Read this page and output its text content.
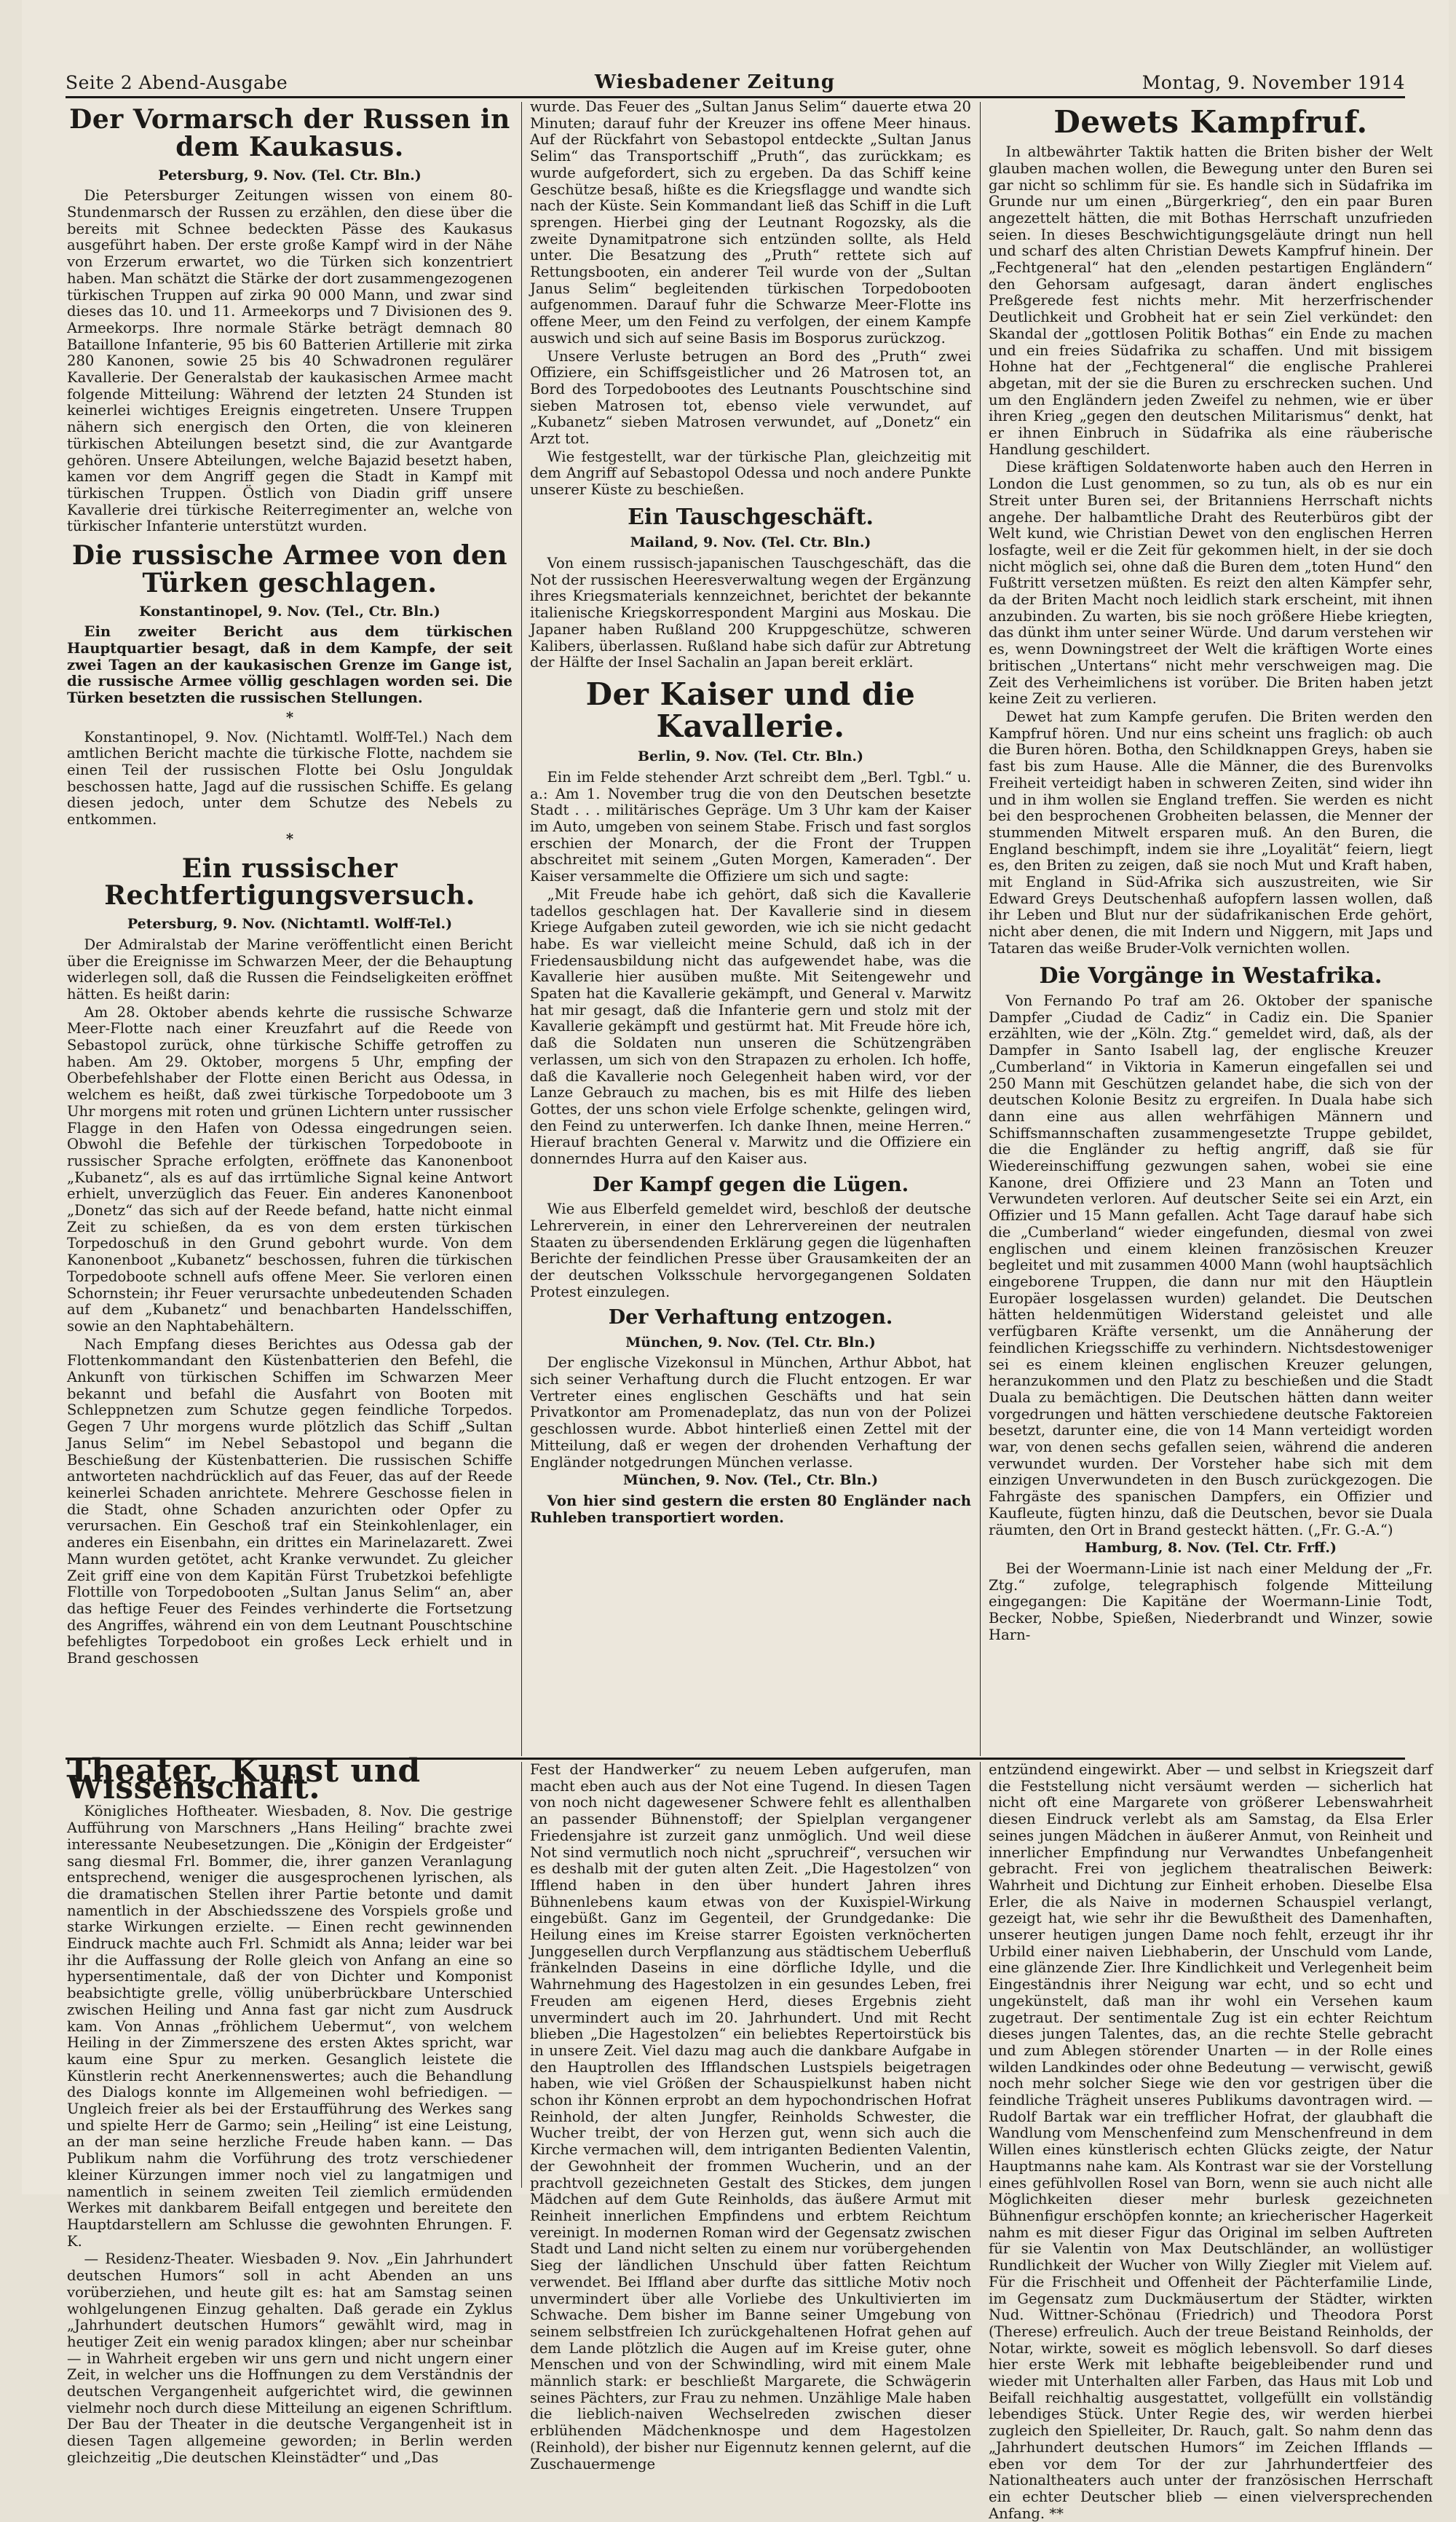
Seite 2 Abend-Ausgabe	Wiesbadener Zeitung	Montag, 9. November 1914
Der Vormarsch der Russen in dem Kaukasus.
Petersburg, 9. Nov. (Tel. Ctr. Bln.)

Die Petersburger Zeitungen wissen von einem 80-Stundenmarsch der Russen zu erzählen, den diese über die bereits mit Schnee bedeckten Pässe des Kaukasus ausgeführt haben. Der erste große Kampf wird in der Nähe von Erzerum erwartet, wo die Türken sich konzentriert haben. Man schätzt die Stärke der dort zusammengezogenen türkischen Truppen auf zirka 90 000 Mann, und zwar sind dieses das 10. und 11. Armeekorps und 7 Divisionen des 9. Armeekorps. Ihre normale Stärke beträgt demnach 80 Bataillone Infanterie, 95 bis 60 Batterien Artillerie mit zirka 280 Kanonen, sowie 25 bis 40 Schwadronen regulärer Kavallerie. Der Generalstab der kaukasischen Armee macht folgende Mitteilung: Während der letzten 24 Stunden ist keinerlei wichtiges Ereignis eingetreten. Unsere Truppen nähern sich energisch den Orten, die von kleineren türkischen Abteilungen besetzt sind, die zur Avantgarde gehören. Unsere Abteilungen, welche Bajazid besetzt haben, kamen vor dem Angriff gegen die Stadt in Kampf mit türkischen Truppen. Östlich von Diadin griff unsere Kavallerie drei türkische Reiterregimenter an, welche von türkischer Infanterie unterstützt wurden.

Die russische Armee von den Türken geschlagen.
Konstantinopel, 9. Nov. (Tel., Ctr. Bln.)

Ein zweiter Bericht aus dem türkischen Hauptquartier besagt, daß in dem Kampfe, der seit zwei Tagen an der kaukasischen Grenze im Gange ist, die russische Armee völlig geschlagen worden sei. Die Türken besetzten die russischen Stellungen.

*

Konstantinopel, 9. Nov. (Nichtamtl. Wolff-Tel.) Nach dem amtlichen Bericht machte die türkische Flotte, nachdem sie einen Teil der russischen Flotte bei Oslu Jonguldak beschossen hatte, Jagd auf die russischen Schiffe. Es gelang diesen jedoch, unter dem Schutze des Nebels zu entkommen.

*

Ein russischer Rechtfertigungsversuch.
Petersburg, 9. Nov. (Nichtamtl. Wolff-Tel.)

Der Admiralstab der Marine veröffentlicht einen Bericht über die Ereignisse im Schwarzen Meer, der die Behauptung widerlegen soll, daß die Russen die Feindseligkeiten eröffnet hätten. Es heißt darin:

Am 28. Oktober abends kehrte die russische Schwarze Meer-Flotte nach einer Kreuzfahrt auf die Reede von Sebastopol zurück, ohne türkische Schiffe getroffen zu haben. Am 29. Oktober, morgens 5 Uhr, empfing der Oberbefehlshaber der Flotte einen Bericht aus Odessa, in welchem es heißt, daß zwei türkische Torpedoboote um 3 Uhr morgens mit roten und grünen Lichtern unter russischer Flagge in den Hafen von Odessa eingedrungen seien. Obwohl die Befehle der türkischen Torpedoboote in russischer Sprache erfolgten, eröffnete das Kanonenboot „Kubanetz“, als es auf das irrtümliche Signal keine Antwort erhielt, unverzüglich das Feuer. Ein anderes Kanonenboot „Donetz“ das sich auf der Reede befand, hatte nicht einmal Zeit zu schießen, da es von dem ersten türkischen Torpedoschuß in den Grund gebohrt wurde. Von dem Kanonenboot „Kubanetz“ beschossen, fuhren die türkischen Torpedoboote schnell aufs offene Meer. Sie verloren einen Schornstein; ihr Feuer verursachte unbedeutenden Schaden auf dem „Kubanetz“ und benachbarten Handelsschiffen, sowie an den Naphtabehältern.

Nach Empfang dieses Berichtes aus Odessa gab der Flottenkommandant den Küstenbatterien den Befehl, die Ankunft von türkischen Schiffen im Schwarzen Meer bekannt und befahl die Ausfahrt von Booten mit Schleppnetzen zum Schutze gegen feindliche Torpedos. Gegen 7 Uhr morgens wurde plötzlich das Schiff „Sultan Janus Selim“ im Nebel Sebastopol und begann die Beschießung der Küstenbatterien. Die russischen Schiffe antworteten nachdrücklich auf das Feuer, das auf der Reede keinerlei Schaden anrichtete. Mehrere Geschosse fielen in die Stadt, ohne Schaden anzurichten oder Opfer zu verursachen. Ein Geschoß traf ein Steinkohlenlager, ein anderes ein Eisenbahn, ein drittes ein Marinelazarett. Zwei Mann wurden getötet, acht Kranke verwundet. Zu gleicher Zeit griff eine von dem Kapitän Fürst Trubetzkoi befehligte Flottille von Torpedobooten „Sultan Janus Selim“ an, aber das heftige Feuer des Feindes verhinderte die Fortsetzung des Angriffes, während ein von dem Leutnant Pouschtschine befehligtes Torpedoboot ein großes Leck erhielt und in Brand geschossen

wurde. Das Feuer des „Sultan Janus Selim“ dauerte etwa 20 Minuten; darauf fuhr der Kreuzer ins offene Meer hinaus. Auf der Rückfahrt von Sebastopol entdeckte „Sultan Janus Selim“ das Transportschiff „Pruth“, das zurückkam; es wurde aufgefordert, sich zu ergeben. Da das Schiff keine Geschütze besaß, hißte es die Kriegsflagge und wandte sich nach der Küste. Sein Kommandant ließ das Schiff in die Luft sprengen. Hierbei ging der Leutnant Rogozsky, als die zweite Dynamitpatrone sich entzünden sollte, als Held unter. Die Besatzung des „Pruth“ rettete sich auf Rettungsbooten, ein anderer Teil wurde von der „Sultan Janus Selim“ begleitenden türkischen Torpedobooten aufgenommen. Darauf fuhr die Schwarze Meer-Flotte ins offene Meer, um den Feind zu verfolgen, der einem Kampfe auswich und sich auf seine Basis im Bosporus zurückzog.

Unsere Verluste betrugen an Bord des „Pruth“ zwei Offiziere, ein Schiffsgeistlicher und 26 Matrosen tot, an Bord des Torpedobootes des Leutnants Pouschtschine sind sieben Matrosen tot, ebenso viele verwundet, auf „Kubanetz“ sieben Matrosen verwundet, auf „Donetz“ ein Arzt tot.

Wie festgestellt, war der türkische Plan, gleichzeitig mit dem Angriff auf Sebastopol Odessa und noch andere Punkte unserer Küste zu beschießen.

Ein Tauschgeschäft.
Mailand, 9. Nov. (Tel. Ctr. Bln.)

Von einem russisch-japanischen Tauschgeschäft, das die Not der russischen Heeresverwaltung wegen der Ergänzung ihres Kriegsmaterials kennzeichnet, berichtet der bekannte italienische Kriegskorrespondent Margini aus Moskau. Die Japaner haben Rußland 200 Kruppgeschütze, schweren Kalibers, überlassen. Rußland habe sich dafür zur Abtretung der Hälfte der Insel Sachalin an Japan bereit erklärt.

Der Kaiser und die Kavallerie.
Berlin, 9. Nov. (Tel. Ctr. Bln.)

Ein im Felde stehender Arzt schreibt dem „Berl. Tgbl.“ u. a.: Am 1. November trug die von den Deutschen besetzte Stadt . . . militärisches Gepräge. Um 3 Uhr kam der Kaiser im Auto, umgeben von seinem Stabe. Frisch und fast sorglos erschien der Monarch, der die Front der Truppen abschreitet mit seinem „Guten Morgen, Kameraden“. Der Kaiser versammelte die Offiziere um sich und sagte:

„Mit Freude habe ich gehört, daß sich die Kavallerie tadellos geschlagen hat. Der Kavallerie sind in diesem Kriege Aufgaben zuteil geworden, wie ich sie nicht gedacht habe. Es war vielleicht meine Schuld, daß ich in der Friedensausbildung nicht das aufgewendet habe, was die Kavallerie hier ausüben mußte. Mit Seitengewehr und Spaten hat die Kavallerie gekämpft, und General v. Marwitz hat mir gesagt, daß die Infanterie gern und stolz mit der Kavallerie gekämpft und gestürmt hat. Mit Freude höre ich, daß die Soldaten nun unseren die Schützengräben verlassen, um sich von den Strapazen zu erholen. Ich hoffe, daß die Kavallerie noch Gelegenheit haben wird, vor der Lanze Gebrauch zu machen, bis es mit Hilfe des lieben Gottes, der uns schon viele Erfolge schenkte, gelingen wird, den Feind zu unterwerfen. Ich danke Ihnen, meine Herren.“ Hierauf brachten General v. Marwitz und die Offiziere ein donnerndes Hurra auf den Kaiser aus.

Der Kampf gegen die Lügen.

Wie aus Elberfeld gemeldet wird, beschloß der deutsche Lehrerverein, in einer den Lehrervereinen der neutralen Staaten zu übersendenden Erklärung gegen die lügenhaften Berichte der feindlichen Presse über Grausamkeiten der an der deutschen Volksschule hervorgegangenen Soldaten Protest einzulegen.

Der Verhaftung entzogen.
München, 9. Nov. (Tel. Ctr. Bln.)

Der englische Vizekonsul in München, Arthur Abbot, hat sich seiner Verhaftung durch die Flucht entzogen. Er war Vertreter eines englischen Geschäfts und hat sein Privatkontor am Promenadeplatz, das nun von der Polizei geschlossen wurde. Abbot hinterließ einen Zettel mit der Mitteilung, daß er wegen der drohenden Verhaftung der Engländer notgedrungen München verlasse.

München, 9. Nov. (Tel., Ctr. Bln.)

Von hier sind gestern die ersten 80 Engländer nach Ruhleben transportiert worden.

Dewets Kampfruf.

In altbewährter Taktik hatten die Briten bisher der Welt glauben machen wollen, die Bewegung unter den Buren sei gar nicht so schlimm für sie. Es handle sich in Südafrika im Grunde nur um einen „Bürgerkrieg“, den ein paar Buren angezettelt hätten, die mit Bothas Herrschaft unzufrieden seien. In dieses Beschwichtigungsgeläute dringt nun hell und scharf des alten Christian Dewets Kampfruf hinein. Der „Fechtgeneral“ hat den „elenden pestartigen Engländern“ den Gehorsam aufgesagt, daran ändert englisches Preßgerede fest nichts mehr. Mit herzerfrischender Deutlichkeit und Grobheit hat er sein Ziel verkündet: den Skandal der „gottlosen Politik Bothas“ ein Ende zu machen und ein freies Südafrika zu schaffen. Und mit bissigem Hohne hat der „Fechtgeneral“ die englische Prahlerei abgetan, mit der sie die Buren zu erschrecken suchen. Und um den Engländern jeden Zweifel zu nehmen, wie er über ihren Krieg „gegen den deutschen Militarismus“ denkt, hat er ihnen Einbruch in Südafrika als eine räuberische Handlung geschildert.

Diese kräftigen Soldatenworte haben auch den Herren in London die Lust genommen, so zu tun, als ob es nur ein Streit unter Buren sei, der Britanniens Herrschaft nichts angehe. Der halbamtliche Draht des Reuterbüros gibt der Welt kund, wie Christian Dewet von den englischen Herren losfagte, weil er die Zeit für gekommen hielt, in der sie doch nicht möglich sei, ohne daß die Buren dem „toten Hund“ den Fußtritt versetzen müßten. Es reizt den alten Kämpfer sehr, da der Briten Macht noch leidlich stark erscheint, mit ihnen anzubinden. Zu warten, bis sie noch größere Hiebe kriegten, das dünkt ihm unter seiner Würde. Und darum verstehen wir es, wenn Downingstreet der Welt die kräftigen Worte eines britischen „Untertans“ nicht mehr verschweigen mag. Die Zeit des Verheimlichens ist vorüber. Die Briten haben jetzt keine Zeit zu verlieren.

Dewet hat zum Kampfe gerufen. Die Briten werden den Kampfruf hören. Und nur eins scheint uns fraglich: ob auch die Buren hören. Botha, den Schildknappen Greys, haben sie fast bis zum Hause. Alle die Männer, die des Burenvolks Freiheit verteidigt haben in schweren Zeiten, sind wider ihn und in ihm wollen sie England treffen. Sie werden es nicht bei den besprochenen Grobheiten belassen, die Menner der stummenden Mitwelt ersparen muß. An den Buren, die England beschimpft, indem sie ihre „Loyalität“ feiern, liegt es, den Briten zu zeigen, daß sie noch Mut und Kraft haben, mit England in Süd-Afrika sich auszustreiten, wie Sir Edward Greys Deutschenhaß aufopfern lassen wollen, daß ihr Leben und Blut nur der südafrikanischen Erde gehört, nicht aber denen, die mit Indern und Niggern, mit Japs und Tataren das weiße Bruder-Volk vernichten wollen.

Die Vorgänge in Westafrika.

Von Fernando Po traf am 26. Oktober der spanische Dampfer „Ciudad de Cadiz“ in Cadiz ein. Die Spanier erzählten, wie der „Köln. Ztg.“ gemeldet wird, daß, als der Dampfer in Santo Isabell lag, der englische Kreuzer „Cumberland“ in Viktoria in Kamerun eingefallen sei und 250 Mann mit Geschützen gelandet habe, die sich von der deutschen Kolonie Besitz zu ergreifen. In Duala habe sich dann eine aus allen wehrfähigen Männern und Schiffsmannschaften zusammengesetzte Truppe gebildet, die die Engländer zu heftig angriff, daß sie für Wiedereinschiffung gezwungen sahen, wobei sie eine Kanone, drei Offiziere und 23 Mann an Toten und Verwundeten verloren. Auf deutscher Seite sei ein Arzt, ein Offizier und 15 Mann gefallen. Acht Tage darauf habe sich die „Cumberland“ wieder eingefunden, diesmal von zwei englischen und einem kleinen französischen Kreuzer begleitet und mit zusammen 4000 Mann (wohl hauptsächlich eingeborene Truppen, die dann nur mit den Häuptlein Europäer losgelassen wurden) gelandet. Die Deutschen hätten heldenmütigen Widerstand geleistet und alle verfügbaren Kräfte versenkt, um die Annäherung der feindlichen Kriegsschiffe zu verhindern. Nichtsdestoweniger sei es einem kleinen englischen Kreuzer gelungen, heranzukommen und den Platz zu beschießen und die Stadt Duala zu bemächtigen. Die Deutschen hätten dann weiter vorgedrungen und hätten verschiedene deutsche Faktoreien besetzt, darunter eine, die von 14 Mann verteidigt worden war, von denen sechs gefallen seien, während die anderen verwundet wurden. Der Vorsteher habe sich mit dem einzigen Unverwundeten in den Busch zurückgezogen. Die Fahrgäste des spanischen Dampfers, ein Offizier und Kaufleute, fügten hinzu, daß die Deutschen, bevor sie Duala räumten, den Ort in Brand gesteckt hätten. („Fr. G.-A.“)

Hamburg, 8. Nov. (Tel. Ctr. Frff.)

Bei der Woermann-Linie ist nach einer Meldung der „Fr. Ztg.“ zufolge, telegraphisch folgende Mitteilung eingegangen: Die Kapitäne der Woermann-Linie Todt, Becker, Nobbe, Spießen, Niederbrandt und Winzer, sowie Harn-

Theater, Kunst und Wissenschaft.

Königliches Hoftheater. Wiesbaden, 8. Nov. Die gestrige Aufführung von Marschners „Hans Heiling“ brachte zwei interessante Neubesetzungen. Die „Königin der Erdgeister“ sang diesmal Frl. Bommer, die, ihrer ganzen Veranlagung entsprechend, weniger die ausgesprochenen lyrischen, als die dramatischen Stellen ihrer Partie betonte und damit namentlich in der Abschiedsszene des Vorspiels große und starke Wirkungen erzielte. — Einen recht gewinnenden Eindruck machte auch Frl. Schmidt als Anna; leider war bei ihr die Auffassung der Rolle gleich von Anfang an eine so hypersentimentale, daß der von Dichter und Komponist beabsichtigte grelle, völlig unüberbrückbare Unterschied zwischen Heiling und Anna fast gar nicht zum Ausdruck kam. Von Annas „fröhlichem Uebermut“, von welchem Heiling in der Zimmerszene des ersten Aktes spricht, war kaum eine Spur zu merken. Gesanglich leistete die Künstlerin recht Anerkennenswertes; auch die Behandlung des Dialogs konnte im Allgemeinen wohl befriedigen. — Ungleich freier als bei der Erstaufführung des Werkes sang und spielte Herr de Garmo; sein „Heiling“ ist eine Leistung, an der man seine herzliche Freude haben kann. — Das Publikum nahm die Vorführung des trotz verschiedener kleiner Kürzungen immer noch viel zu langatmigen und namentlich in seinem zweiten Teil ziemlich ermüdenden Werkes mit dankbarem Beifall entgegen und bereitete den Hauptdarstellern am Schlusse die gewohnten Ehrungen. F. K.

— Residenz-Theater. Wiesbaden 9. Nov. „Ein Jahrhundert deutschen Humors“ soll in acht Abenden an uns vorüberziehen, und heute gilt es: hat am Samstag seinen wohlgelungenen Einzug gehalten. Daß gerade ein Zyklus „Jahrhundert deutschen Humors“ gewählt wird, mag in heutiger Zeit ein wenig paradox klingen; aber nur scheinbar — in Wahrheit ergeben wir uns gern und nicht ungern einer Zeit, in welcher uns die Hoffnungen zu dem Verständnis der deutschen Vergangenheit aufgerichtet wird, die gewinnen vielmehr noch durch diese Mitteilung an eigenen Schriftlum. Der Bau der Theater in die deutsche Vergangenheit ist in diesen Tagen allgemeine geworden; in Berlin werden gleichzeitig „Die deutschen Kleinstädter“ und „Das

Fest der Handwerker“ zu neuem Leben aufgerufen, man macht eben auch aus der Not eine Tugend. In diesen Tagen von noch nicht dagewesener Schwere fehlt es allenthalben an passender Bühnenstoff; der Spielplan vergangener Friedensjahre ist zurzeit ganz unmöglich. Und weil diese Not sind vermutlich noch nicht „spruchreif“, versuchen wir es deshalb mit der guten alten Zeit. „Die Hagestolzen“ von Ifflend haben in den über hundert Jahren ihres Bühnenlebens kaum etwas von der Kuxispiel-Wirkung eingebüßt. Ganz im Gegenteil, der Grundgedanke: Die Heilung eines im Kreise starrer Egoisten verknöcherten Junggesellen durch Verpflanzung aus städtischem Ueberfluß fränkelnden Daseins in eine dörfliche Idylle, und die Wahrnehmung des Hagestolzen in ein gesundes Leben, frei Freuden am eigenen Herd, dieses Ergebnis zieht unvermindert auch im 20. Jahrhundert. Und mit Recht blieben „Die Hagestolzen“ ein beliebtes Repertoirstück bis in unsere Zeit. Viel dazu mag auch die dankbare Aufgabe in den Hauptrollen des Ifflandschen Lustspiels beigetragen haben, wie viel Größen der Schauspielkunst haben nicht schon ihr Können erprobt an dem hypochondrischen Hofrat Reinhold, der alten Jungfer, Reinholds Schwester, die Wucher treibt, der von Herzen gut, wenn sich auch die Kirche vermachen will, dem intriganten Bedienten Valentin, der Gewohnheit der frommen Wucherin, und an der prachtvoll gezeichneten Gestalt des Stickes, dem jungen Mädchen auf dem Gute Reinholds, das äußere Armut mit Reinheit innerlichen Empfindens und erbtem Reichtum vereinigt. In modernen Roman wird der Gegensatz zwischen Stadt und Land nicht selten zu einem nur vorübergehenden Sieg der ländlichen Unschuld über fatten Reichtum verwendet. Bei Iffland aber durfte das sittliche Motiv noch unvermindert über alle Vorliebe des Unkultivierten im Schwache. Dem bisher im Banne seiner Umgebung von seinem selbstfreien Ich zurückgehaltenen Hofrat gehen auf dem Lande plötzlich die Augen auf im Kreise guter, ohne Menschen und von der Schwindling, wird mit einem Male männlich stark: er beschließt Margarete, die Schwägerin seines Pächters, zur Frau zu nehmen. Unzählige Male haben die lieblich-naiven Wechselreden zwischen dieser erblühenden Mädchenknospe und dem Hagestolzen (Reinhold), der bisher nur Eigennutz kennen gelernt, auf die Zuschauermenge

entzündend eingewirkt. Aber — und selbst in Kriegszeit darf die Feststellung nicht versäumt werden — sicherlich hat nicht oft eine Margarete von größerer Lebenswahrheit diesen Eindruck verlebt als am Samstag, da Elsa Erler seines jungen Mädchen in äußerer Anmut, von Reinheit und innerlicher Empfindung nur Verwandtes Unbefangenheit gebracht. Frei von jeglichem theatralischen Beiwerk: Wahrheit und Dichtung zur Einheit erhoben. Dieselbe Elsa Erler, die als Naive in modernen Schauspiel verlangt, gezeigt hat, wie sehr ihr die Bewußtheit des Damenhaften, unserer heutigen jungen Dame noch fehlt, erzeugt ihr ihr Urbild einer naiven Liebhaberin, der Unschuld vom Lande, eine glänzende Zier. Ihre Kindlichkeit und Verlegenheit beim Eingeständnis ihrer Neigung war echt, und so echt und ungekünstelt, daß man ihr wohl ein Versehen kaum zugetraut. Der sentimentale Zug ist ein echter Reichtum dieses jungen Talentes, das, an die rechte Stelle gebracht und zum Ablegen störender Unarten — in der Rolle eines wilden Landkindes oder ohne Bedeutung — verwischt, gewiß noch mehr solcher Siege wie den vor gestrigen über die feindliche Trägheit unseres Publikums davontragen wird. — Rudolf Bartak war ein trefflicher Hofrat, der glaubhaft die Wandlung vom Menschenfeind zum Menschenfreund in dem Willen eines künstlerisch echten Glücks zeigte, der Natur Hauptmanns nahe kam. Als Kontrast war sie der Vorstellung eines gefühlvollen Rosel van Born, wenn sie auch nicht alle Möglichkeiten dieser mehr burlesk gezeichneten Bühnenfigur erschöpfen konnte; an kriecherischer Hagerkeit nahm es mit dieser Figur das Original im selben Auftreten für sie Valentin von Max Deutschländer, an wollüstiger Rundlichkeit der Wucher von Willy Ziegler mit Vielem auf. Für die Frischheit und Offenheit der Pächterfamilie Linde, im Gegensatz zum Duckmäusertum der Städter, wirkten Nud. Wittner-Schönau (Friedrich) und Theodora Porst (Therese) erfreulich. Auch der treue Beistand Reinholds, der Notar, wirkte, soweit es möglich lebensvoll. So darf dieses hier erste Werk mit lebhafte beigebleibender rund und wieder mit Unterhalten aller Farben, das Haus mit Lob und Beifall reichhaltig ausgestattet, vollgefüllt ein vollständig lebendiges Stück. Unter Regie des, wir werden hierbei zugleich den Spielleiter, Dr. Rauch, galt. So nahm denn das „Jahrhundert deutschen Humors“ im Zeichen Ifflands — eben vor dem Tor der zur Jahrhundertfeier des Nationaltheaters auch unter der französischen Herrschaft ein echter Deutscher blieb — einen vielversprechenden Anfang. **
